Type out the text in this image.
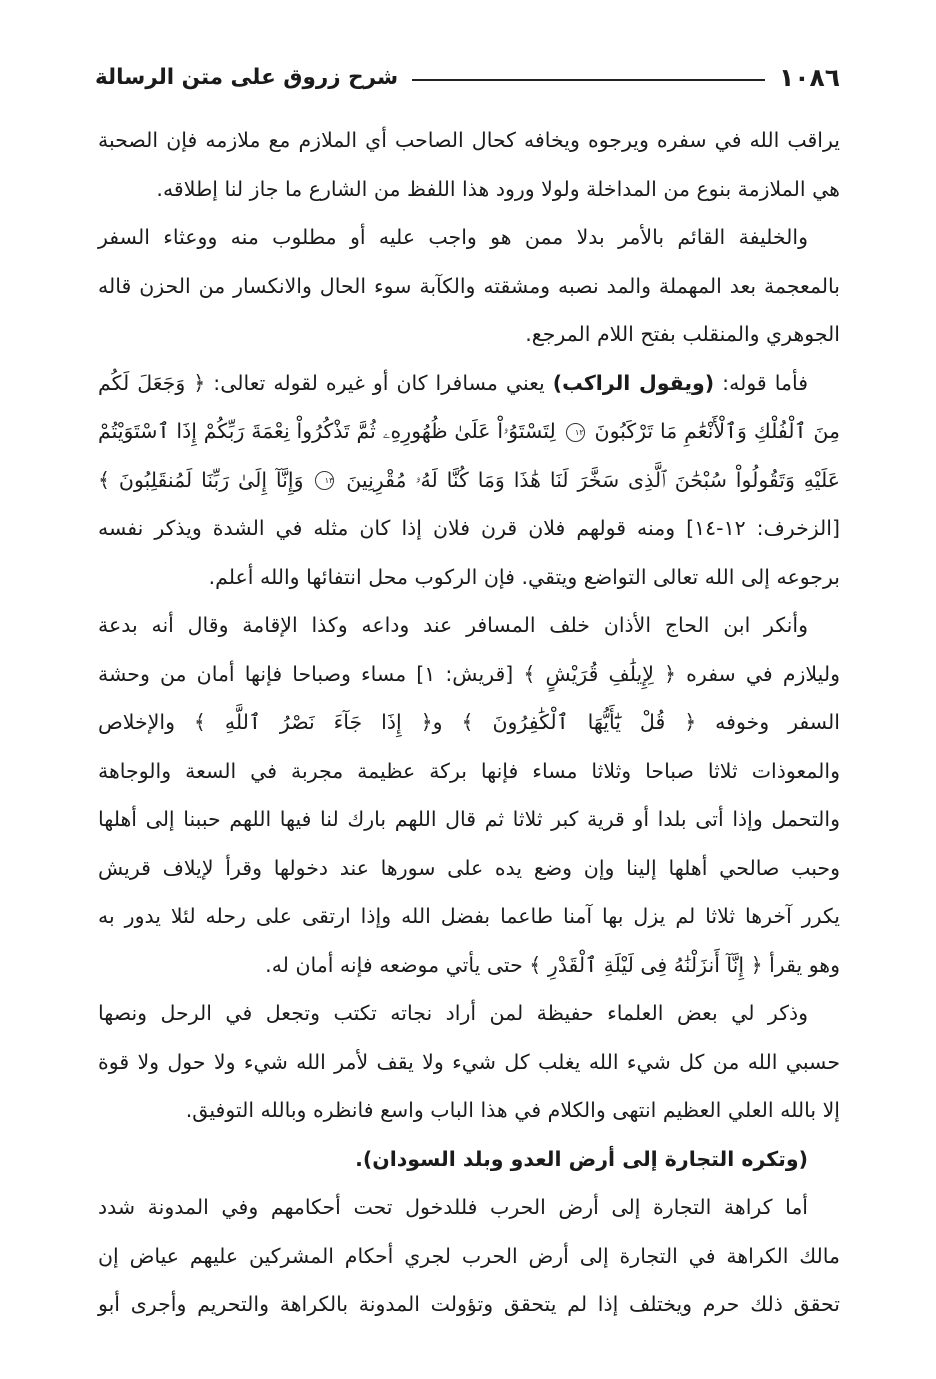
١٠٨٦
شرح زروق على متن الرسالة
يراقب الله في سفره ويرجوه ويخافه كحال الصاحب أي الملازم مع ملازمه فإن الصحبة
هي الملازمة بنوع من المداخلة ولولا ورود هذا اللفظ من الشارع ما جاز لنا إطلاقه.
والخليفة القائم بالأمر بدلا ممن هو واجب عليه أو مطلوب منه ووعثاء السفر
بالمعجمة بعد المهملة والمد نصبه ومشقته والكآبة سوء الحال والانكسار من الحزن قاله
الجوهري والمنقلب بفتح اللام المرجع.
فأما قوله: (ويقول الراكب) يعني مسافرا كان أو غيره لقوله تعالى: ﴿ وَجَعَلَ لَكُم
مِنَ ٱلْفُلْكِ وَٱلْأَنْعَٰمِ مَا تَرْكَبُونَ ١٢ لِتَسْتَوُۥاْ عَلَىٰ ظُهُورِهِۦ ثُمَّ تَذْكُرُواْ نِعْمَةَ رَبِّكُمْ إِذَا ٱسْتَوَيْتُمْ
عَلَيْهِ وَتَقُولُواْ سُبْحَٰنَ ٱلَّذِى سَخَّرَ لَنَا هَٰذَا وَمَا كُنَّا لَهُۥ مُقْرِنِينَ ١٣ وَإِنَّآ إِلَىٰ رَبِّنَا لَمُنقَلِبُونَ ﴾
[الزخرف: ١٢-١٤] ومنه قولهم فلان قرن فلان إذا كان مثله في الشدة ويذكر نفسه
برجوعه إلى الله تعالى التواضع ويتقي. فإن الركوب محل انتفائها والله أعلم.
وأنكر ابن الحاج الأذان خلف المسافر عند وداعه وكذا الإقامة وقال أنه بدعة
وليلازم في سفره ﴿ لِإِيلَٰفِ قُرَيْشٍ ﴾ [قريش: ١] مساء وصباحا فإنها أمان من وحشة
السفر وخوفه ﴿ قُلْ يَٰٓأَيُّهَا ٱلْكَٰفِرُونَ ﴾ و﴿ إِذَا جَآءَ نَصْرُ ٱللَّهِ ﴾ والإخلاص
والمعوذات ثلاثا صباحا وثلاثا مساء فإنها بركة عظيمة مجربة في السعة والوجاهة
والتحمل وإذا أتى بلدا أو قرية كبر ثلاثا ثم قال اللهم بارك لنا فيها اللهم حببنا إلى أهلها
وحبب صالحي أهلها إلينا وإن وضع يده على سورها عند دخولها وقرأ لإيلاف قريش
يكرر آخرها ثلاثا لم يزل بها آمنا طاعما بفضل الله وإذا ارتقى على رحله لئلا يدور به
وهو يقرأ ﴿ إِنَّآ أَنزَلْنَٰهُ فِى لَيْلَةِ ٱلْقَدْرِ ﴾ حتى يأتي موضعه فإنه أمان له.
وذكر لي بعض العلماء حفيظة لمن أراد نجاته تكتب وتجعل في الرحل ونصها
حسبي الله من كل شيء الله يغلب كل شيء ولا يقف لأمر الله شيء ولا حول ولا قوة
إلا بالله العلي العظيم انتهى والكلام في هذا الباب واسع فانظره وبالله التوفيق.
(وتكره التجارة إلى أرض العدو وبلد السودان).
أما كراهة التجارة إلى أرض الحرب فللدخول تحت أحكامهم وفي المدونة شدد
مالك الكراهة في التجارة إلى أرض الحرب لجري أحكام المشركين عليهم عياض إن
تحقق ذلك حرم ويختلف إذا لم يتحقق وتؤولت المدونة بالكراهة والتحريم وأجرى أبو
